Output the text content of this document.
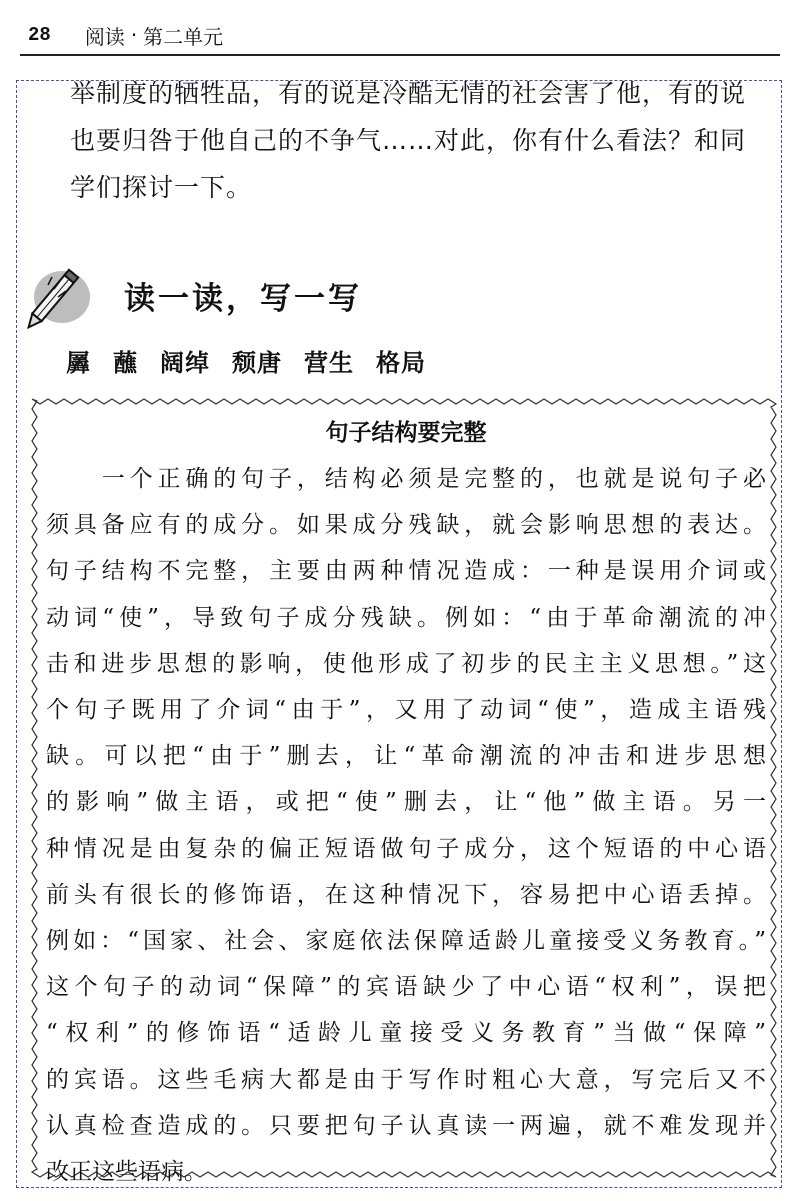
28 阅读 · 第二单元
举制度的牺牲品，有的说是冷酷无情的社会害了他，有的说
也要归咎于他自己的不争气……对此，你有什么看法？和同
学们探讨一下。
读一读，写一写
羼 蘸 阔绰 颓唐 营生 格局
句子结构要完整
　　一个正确的句子，结构必须是完整的，也就是说句子必
须具备应有的成分。如果成分残缺，就会影响思想的表达。
句子结构不完整，主要由两种情况造成：一种是误用介词或
动词“使”，导致句子成分残缺。例如：“由于革命潮流的冲
击和进步思想的影响，使他形成了初步的民主主义思想。”这
个句子既用了介词“由于”，又用了动词“使”，造成主语残
缺。可以把“由于”删去，让“革命潮流的冲击和进步思想
的影响”做主语，或把“使”删去，让“他”做主语。另一
种情况是由复杂的偏正短语做句子成分，这个短语的中心语
前头有很长的修饰语，在这种情况下，容易把中心语丢掉。
例如：“国家、社会、家庭依法保障适龄儿童接受义务教育。”
这个句子的动词“保障”的宾语缺少了中心语“权利”，误把
“权利”的修饰语“适龄儿童接受义务教育”当做“保障”
的宾语。这些毛病大都是由于写作时粗心大意，写完后又不
认真检查造成的。只要把句子认真读一两遍，就不难发现并
改正这些语病。
